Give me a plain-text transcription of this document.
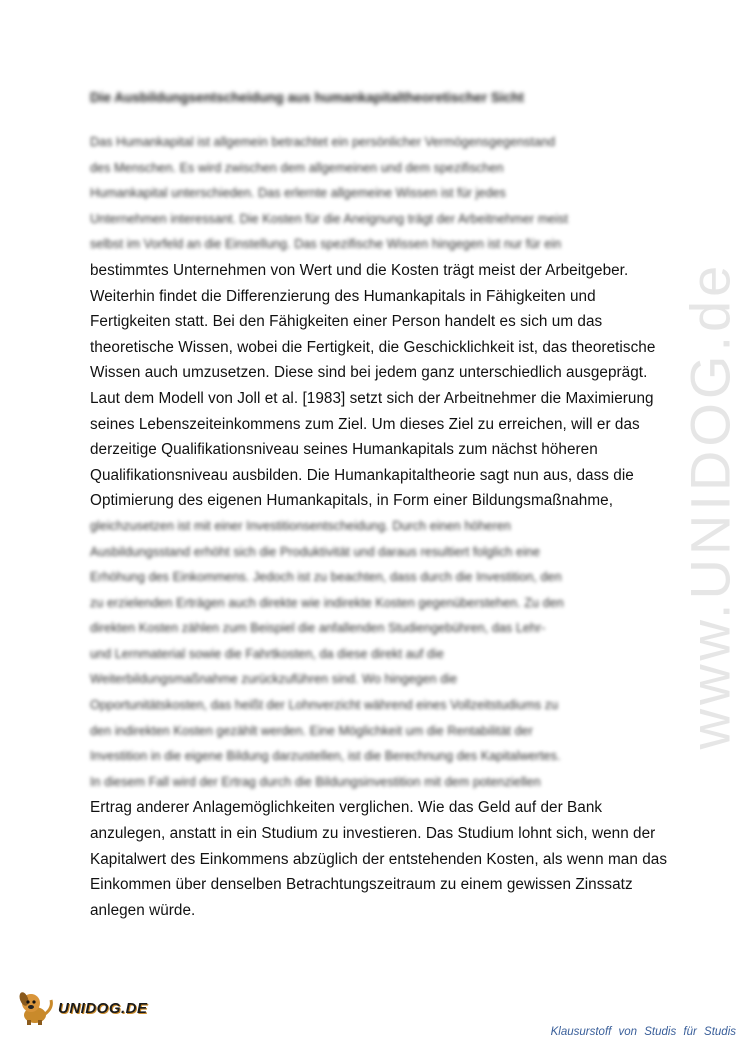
Die Ausbildungsentscheidung aus humankapitaltheoretischer Sicht
Das Humankapital ist allgemein betrachtet ein persönlicher Vermögensgegenstand
des Menschen. Es wird zwischen dem allgemeinen und dem spezifischen
Humankapital unterschieden. Das erlernte allgemeine Wissen ist für jedes
Unternehmen interessant. Die Kosten für die Aneignung trägt der Arbeitnehmer meist
selbst im Vorfeld an die Einstellung. Das spezifische Wissen hingegen ist nur für ein
bestimmtes Unternehmen von Wert und die Kosten trägt meist der Arbeitgeber.
Weiterhin findet die Differenzierung des Humankapitals in Fähigkeiten und
Fertigkeiten statt. Bei den Fähigkeiten einer Person handelt es sich um das
theoretische Wissen, wobei die Fertigkeit, die Geschicklichkeit ist, das theoretische
Wissen auch umzusetzen. Diese sind bei jedem ganz unterschiedlich ausgeprägt.
Laut dem Modell von Joll et al. [1983] setzt sich der Arbeitnehmer die Maximierung
seines Lebenszeiteinkommens zum Ziel. Um dieses Ziel zu erreichen, will er das
derzeitige Qualifikationsniveau seines Humankapitals zum nächst höheren
Qualifikationsniveau ausbilden. Die Humankapitaltheorie sagt nun aus, dass die
Optimierung des eigenen Humankapitals, in Form einer Bildungsmaßnahme,
gleichzusetzen ist mit einer Investitionsentscheidung. Durch einen höheren
Ausbildungsstand erhöht sich die Produktivität und daraus resultiert folglich eine
Erhöhung des Einkommens. Jedoch ist zu beachten, dass durch die Investition, den
zu erzielenden Erträgen auch direkte wie indirekte Kosten gegenüberstehen. Zu den
direkten Kosten zählen zum Beispiel die anfallenden Studiengebühren, das Lehr-
und Lernmaterial sowie die Fahrtkosten, da diese direkt auf die
Weiterbildungsmaßnahme zurückzuführen sind. Wo hingegen die
Opportunitätskosten, das heißt der Lohnverzicht während eines Vollzeitstudiums zu
den indirekten Kosten gezählt werden. Eine Möglichkeit um die Rentabilität der
Investition in die eigene Bildung darzustellen, ist die Berechnung des Kapitalwertes.
In diesem Fall wird der Ertrag durch die Bildungsinvestition mit dem potenziellen
Ertrag anderer Anlagemöglichkeiten verglichen. Wie das Geld auf der Bank
anzulegen, anstatt in ein Studium zu investieren. Das Studium lohnt sich, wenn der
Kapitalwert des Einkommens abzüglich der entstehenden Kosten, als wenn man das
Einkommen über denselben Betrachtungszeitraum zu einem gewissen Zinssatz
anlegen würde.
www.UNIDOG.de
UNIDOG.DE
Klausurstoff von Studis für Studis
